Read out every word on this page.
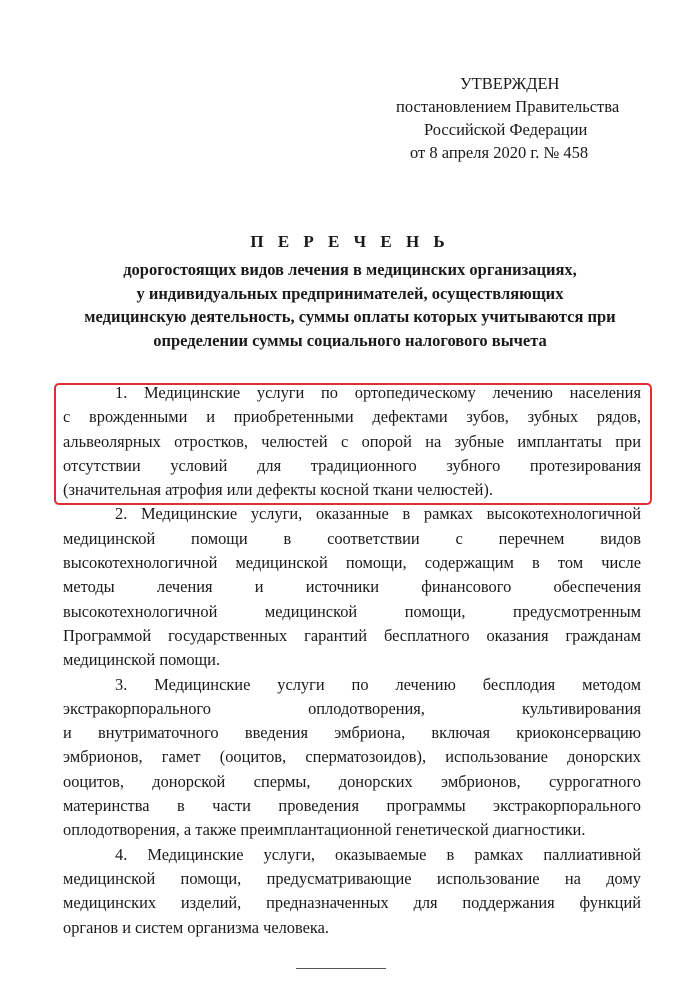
УТВЕРЖДЕН
постановлением Правительства
Российской Федерации
от 8 апреля 2020 г. № 458
П Е Р Е Ч Е Н Ь
дорогостоящих видов лечения в медицинских организациях,
у индивидуальных предпринимателей, осуществляющих
медицинскую деятельность, суммы оплаты которых учитываются при
определении суммы социального налогового вычета
1. Медицинские услуги по ортопедическому лечению населения
с врожденными и приобретенными дефектами зубов, зубных рядов,
альвеолярных отростков, челюстей с опорой на зубные имплантаты при
отсутствии условий для традиционного зубного протезирования
(значительная атрофия или дефекты косной ткани челюстей).
2. Медицинские услуги, оказанные в рамках высокотехнологичной
медицинской помощи в соответствии с перечнем видов
высокотехнологичной медицинской помощи, содержащим в том числе
методы лечения и источники финансового обеспечения
высокотехнологичной медицинской помощи, предусмотренным
Программой государственных гарантий бесплатного оказания гражданам
медицинской помощи.
3. Медицинские услуги по лечению бесплодия методом
экстракорпорального оплодотворения, культивирования
и внутриматочного введения эмбриона, включая криоконсервацию
эмбрионов, гамет (ооцитов, сперматозоидов), использование донорских
ооцитов, донорской спермы, донорских эмбрионов, суррогатного
материнства в части проведения программы экстракорпорального
оплодотворения, а также преимплантационной генетической диагностики.
4. Медицинские услуги, оказываемые в рамках паллиативной
медицинской помощи, предусматривающие использование на дому
медицинских изделий, предназначенных для поддержания функций
органов и систем организма человека.
